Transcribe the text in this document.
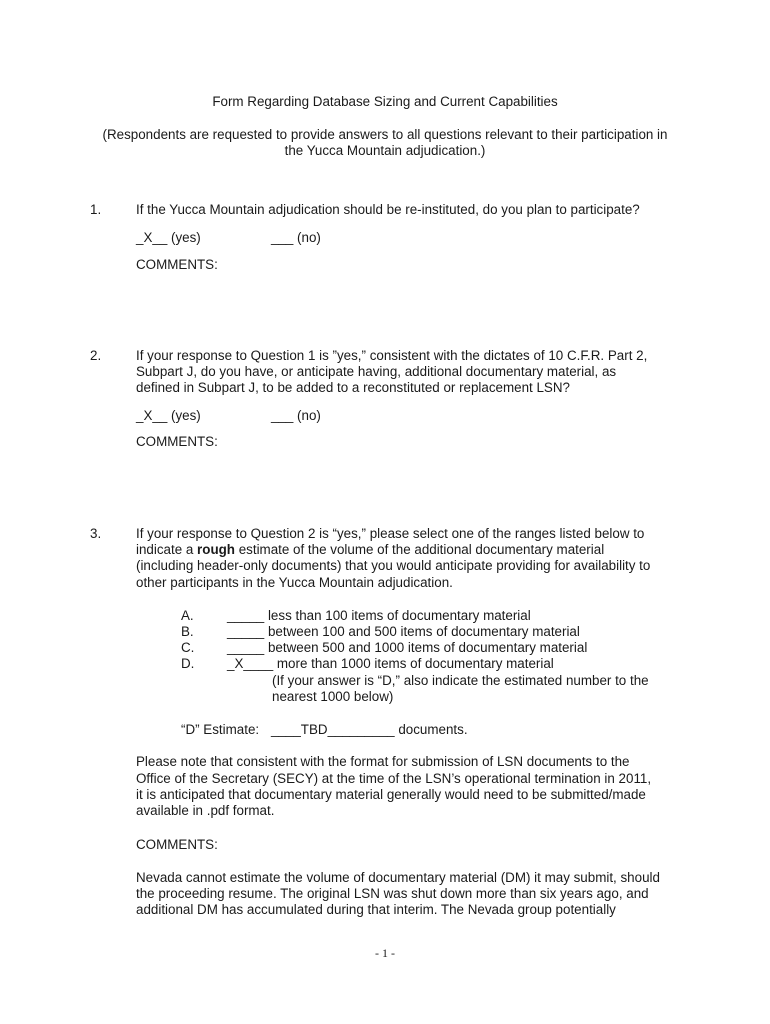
Form Regarding Database Sizing and Current Capabilities
(Respondents are requested to provide answers to all questions relevant to their participation in
the Yucca Mountain adjudication.)
1.	If the Yucca Mountain adjudication should be re-instituted, do you plan to participate?
_X__ (yes)	___ (no)
COMMENTS:
2.	If your response to Question 1 is ”yes,” consistent with the dictates of 10 C.F.R. Part 2,
Subpart J, do you have, or anticipate having, additional documentary material, as
defined in Subpart J, to be added to a reconstituted or replacement LSN?
_X__ (yes)	___ (no)
COMMENTS:
3.	If your response to Question 2 is “yes,” please select one of the ranges listed below to
indicate a rough estimate of the volume of the additional documentary material
(including header-only documents) that you would anticipate providing for availability to
other participants in the Yucca Mountain adjudication.
A. _____ less than 100 items of documentary material
B. _____ between 100 and 500 items of documentary material
C. _____ between 500 and 1000 items of documentary material
D. _X____ more than 1000 items of documentary material
(If your answer is “D,” also indicate the estimated number to the
nearest 1000 below)
“D” Estimate: ____TBD_________ documents.
Please note that consistent with the format for submission of LSN documents to the
Office of the Secretary (SECY) at the time of the LSN’s operational termination in 2011,
it is anticipated that documentary material generally would need to be submitted/made
available in .pdf format.
COMMENTS:
Nevada cannot estimate the volume of documentary material (DM) it may submit, should
the proceeding resume. The original LSN was shut down more than six years ago, and
additional DM has accumulated during that interim. The Nevada group potentially
- 1 -
